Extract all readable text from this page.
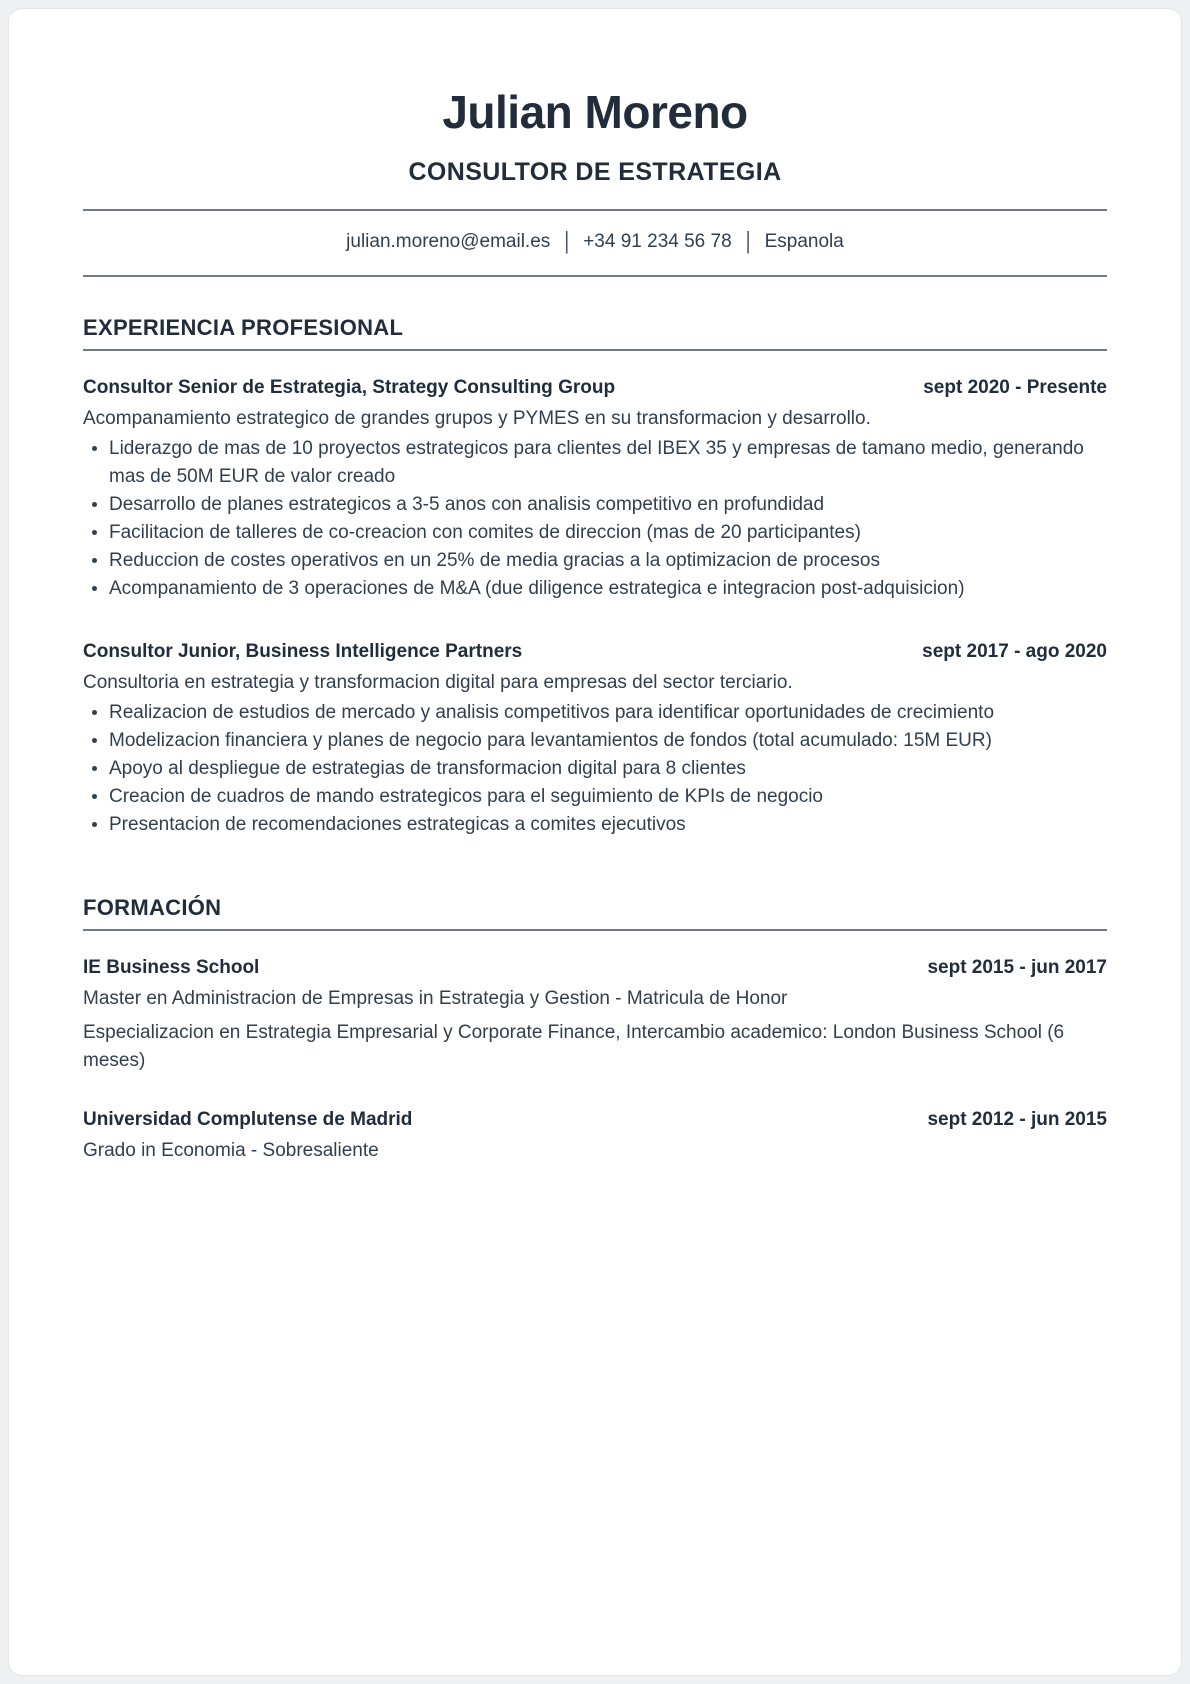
Julian Moreno
CONSULTOR DE ESTRATEGIA
julian.moreno@email.es | +34 91 234 56 78 | Espanola
EXPERIENCIA PROFESIONAL
Consultor Senior de Estrategia, Strategy Consulting Group	sept 2020 - Presente

Acompanamiento estrategico de grandes grupos y PYMES en su transformacion y desarrollo.

Liderazgo de mas de 10 proyectos estrategicos para clientes del IBEX 35 y empresas de tamano medio, generando mas de 50M EUR de valor creado
Desarrollo de planes estrategicos a 3-5 anos con analisis competitivo en profundidad
Facilitacion de talleres de co-creacion con comites de direccion (mas de 20 participantes)
Reduccion de costes operativos en un 25% de media gracias a la optimizacion de procesos
Acompanamiento de 3 operaciones de M&A (due diligence estrategica e integracion post-adquisicion)
Consultor Junior, Business Intelligence Partners	sept 2017 - ago 2020

Consultoria en estrategia y transformacion digital para empresas del sector terciario.

Realizacion de estudios de mercado y analisis competitivos para identificar oportunidades de crecimiento
Modelizacion financiera y planes de negocio para levantamientos de fondos (total acumulado: 15M EUR)
Apoyo al despliegue de estrategias de transformacion digital para 8 clientes
Creacion de cuadros de mando estrategicos para el seguimiento de KPIs de negocio
Presentacion de recomendaciones estrategicas a comites ejecutivos
FORMACIÓN
IE Business School	sept 2015 - jun 2017

Master en Administracion de Empresas in Estrategia y Gestion - Matricula de Honor

Especializacion en Estrategia Empresarial y Corporate Finance, Intercambio academico: London Business School (6 meses)

Universidad Complutense de Madrid	sept 2012 - jun 2015

Grado in Economia - Sobresaliente
